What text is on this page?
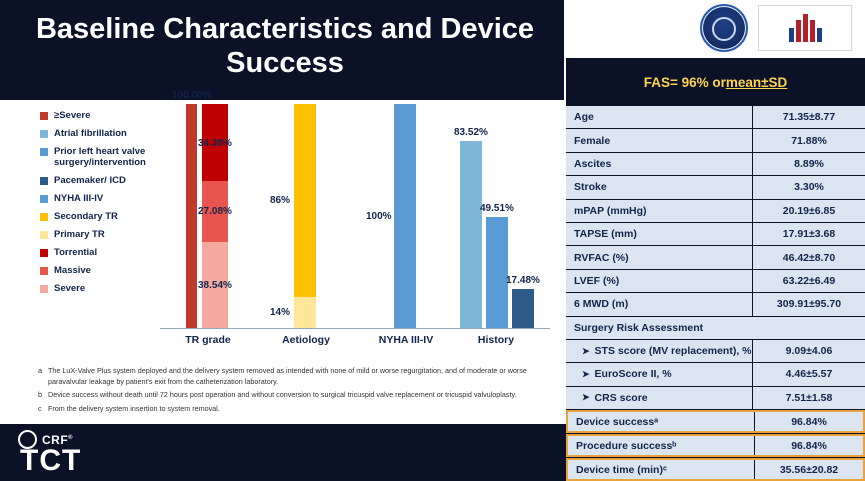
Baseline Characteristics and Device Success
FAS= 96% or mean±SD
Age	71.35±8.77
Female	71.88%
Ascites	8.89%
Stroke	3.30%
mPAP (mmHg)	20.19±6.85
TAPSE (mm)	17.91±3.68
RVFAC (%)	46.42±8.70
LVEF (%)	63.22±6.49
6 MWD (m)	309.91±95.70
Surgery Risk Assessment
➤ STS score (MV replacement), %	9.09±4.06
➤ EuroScore II, %	4.46±5.57
➤ CRS score	7.51±1.58
Device successᵃ	96.84%
Procedure successᵇ	96.84%
Device time (min)ᶜ	35.56±20.82
≥Severe
Atrial fibrillation
Prior left heart valve surgery/intervention
Pacemaker/ ICD
NYHA III-IV
Secondary TR
Primary TR
Torrential
Massive
Severe
100.00%
38.54%
27.08%
34.38%
TR grade
14%
86%
Aetiology
100%
NYHA III-IV
83.52%
49.51%
17.48%
History
a The LuX-Valve Plus system deployed and the delivery system removed as intended with none of mild or worse regurgitation, and of moderate or worse paravalvular leakage by patient's exit from the catheterization laboratory.
b Device success without death until 72 hours post operation and without conversion to surgical tricuspid valve replacement or tricuspid valvuloplasty.
c From the delivery system insertion to system removal.
CRF®
TCT
